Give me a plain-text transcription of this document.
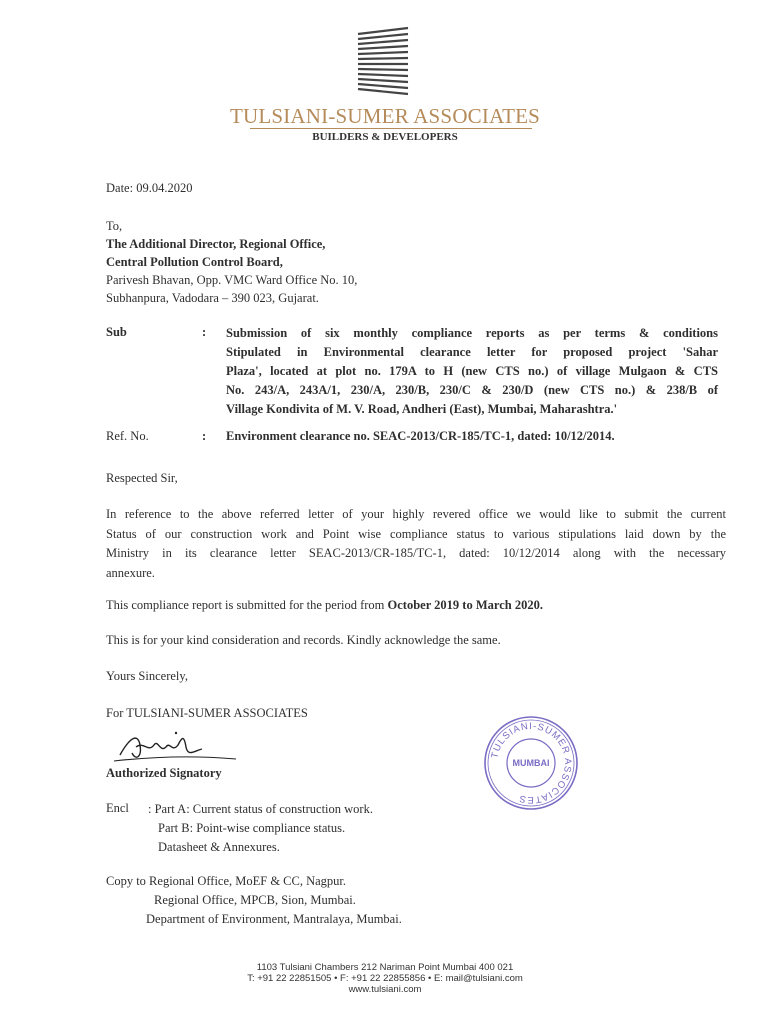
TULSIANI-SUMER ASSOCIATES
BUILDERS & DEVELOPERS
Date: 09.04.2020
To,
The Additional Director, Regional Office,
Central Pollution Control Board,
Parivesh Bhavan, Opp. VMC Ward Office No. 10,
Subhanpura, Vadodara – 390 023, Gujarat.
Sub	: Submission of six monthly compliance reports as per terms & conditions
Stipulated in Environmental clearance letter for proposed project 'Sahar
Plaza', located at plot no. 179A to H (new CTS no.) of village Mulgaon & CTS
No. 243/A, 243A/1, 230/A, 230/B, 230/C & 230/D (new CTS no.) & 238/B of
Village Kondivita of M. V. Road, Andheri (East), Mumbai, Maharashtra.'
Ref. No.	: Environment clearance no. SEAC-2013/CR-185/TC-1, dated: 10/12/2014.
Respected Sir,
In reference to the above referred letter of your highly revered office we would like to submit the current
Status of our construction work and Point wise compliance status to various stipulations laid down by the
Ministry in its clearance letter SEAC-2013/CR-185/TC-1, dated: 10/12/2014 along with the necessary
annexure.
This compliance report is submitted for the period from October 2019 to March 2020.
This is for your kind consideration and records. Kindly acknowledge the same.
Yours Sincerely,
For TULSIANI-SUMER ASSOCIATES
Authorized Signatory
TULSIANI-SUMER ASSOCIATES
MUMBAI
Encl : Part A: Current status of construction work.
Part B: Point-wise compliance status.
Datasheet & Annexures.
Copy to Regional Office, MoEF & CC, Nagpur.
Regional Office, MPCB, Sion, Mumbai.
Department of Environment, Mantralaya, Mumbai.
1103 Tulsiani Chambers 212 Nariman Point Mumbai 400 021
T: +91 22 22851505 • F: +91 22 22855856 • E: mail@tulsiani.com
www.tulsiani.com
